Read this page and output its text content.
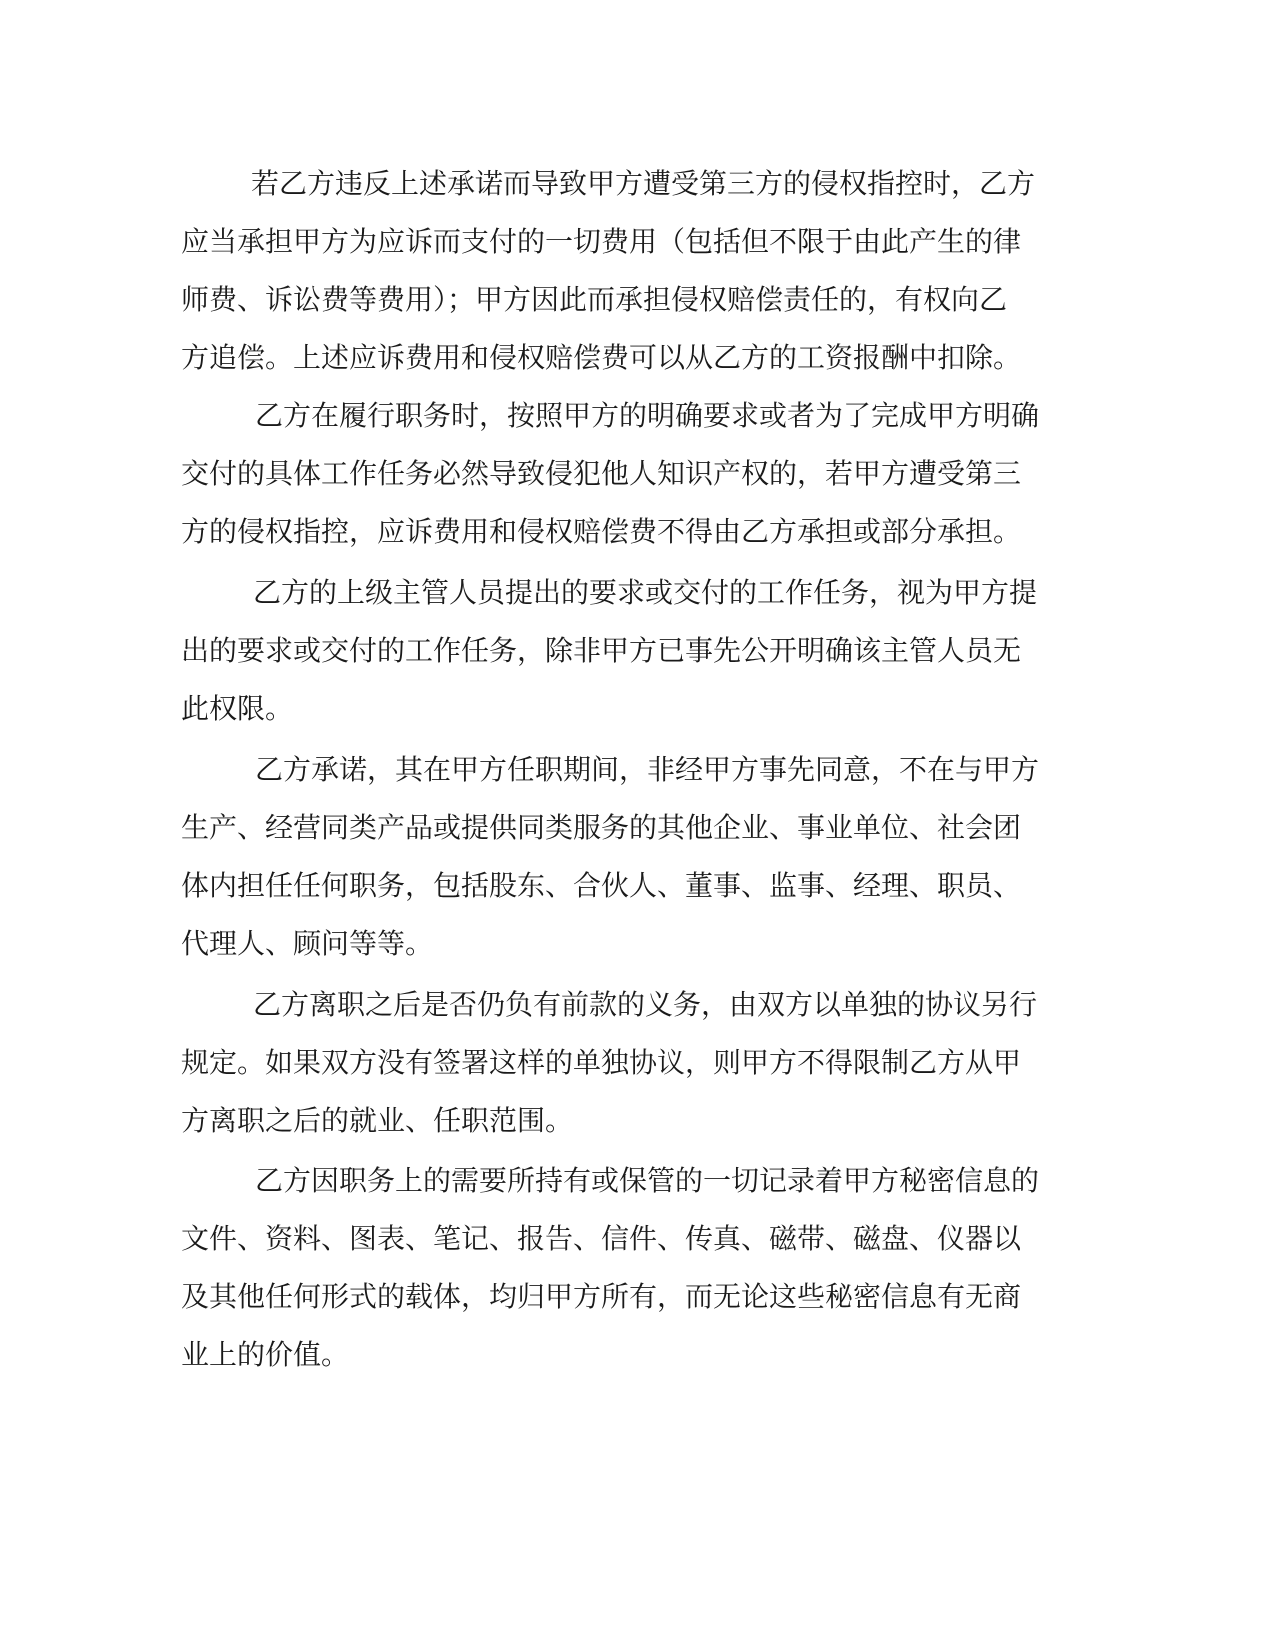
若乙方违反上述承诺而导致甲方遭受第三方的侵权指控时，乙方

应当承担甲方为应诉而支付的一切费用（包括但不限于由此产生的律

师费、诉讼费等费用）；甲方因此而承担侵权赔偿责任的，有权向乙

方追偿。上述应诉费用和侵权赔偿费可以从乙方的工资报酬中扣除。

乙方在履行职务时，按照甲方的明确要求或者为了完成甲方明确

交付的具体工作任务必然导致侵犯他人知识产权的，若甲方遭受第三

方的侵权指控，应诉费用和侵权赔偿费不得由乙方承担或部分承担。

乙方的上级主管人员提出的要求或交付的工作任务，视为甲方提

出的要求或交付的工作任务，除非甲方已事先公开明确该主管人员无

此权限。

乙方承诺，其在甲方任职期间，非经甲方事先同意，不在与甲方

生产、经营同类产品或提供同类服务的其他企业、事业单位、社会团

体内担任任何职务，包括股东、合伙人、董事、监事、经理、职员、

代理人、顾问等等。

乙方离职之后是否仍负有前款的义务，由双方以单独的协议另行

规定。如果双方没有签署这样的单独协议，则甲方不得限制乙方从甲

方离职之后的就业、任职范围。

乙方因职务上的需要所持有或保管的一切记录着甲方秘密信息的

文件、资料、图表、笔记、报告、信件、传真、磁带、磁盘、仪器以

及其他任何形式的载体，均归甲方所有，而无论这些秘密信息有无商

业上的价值。
